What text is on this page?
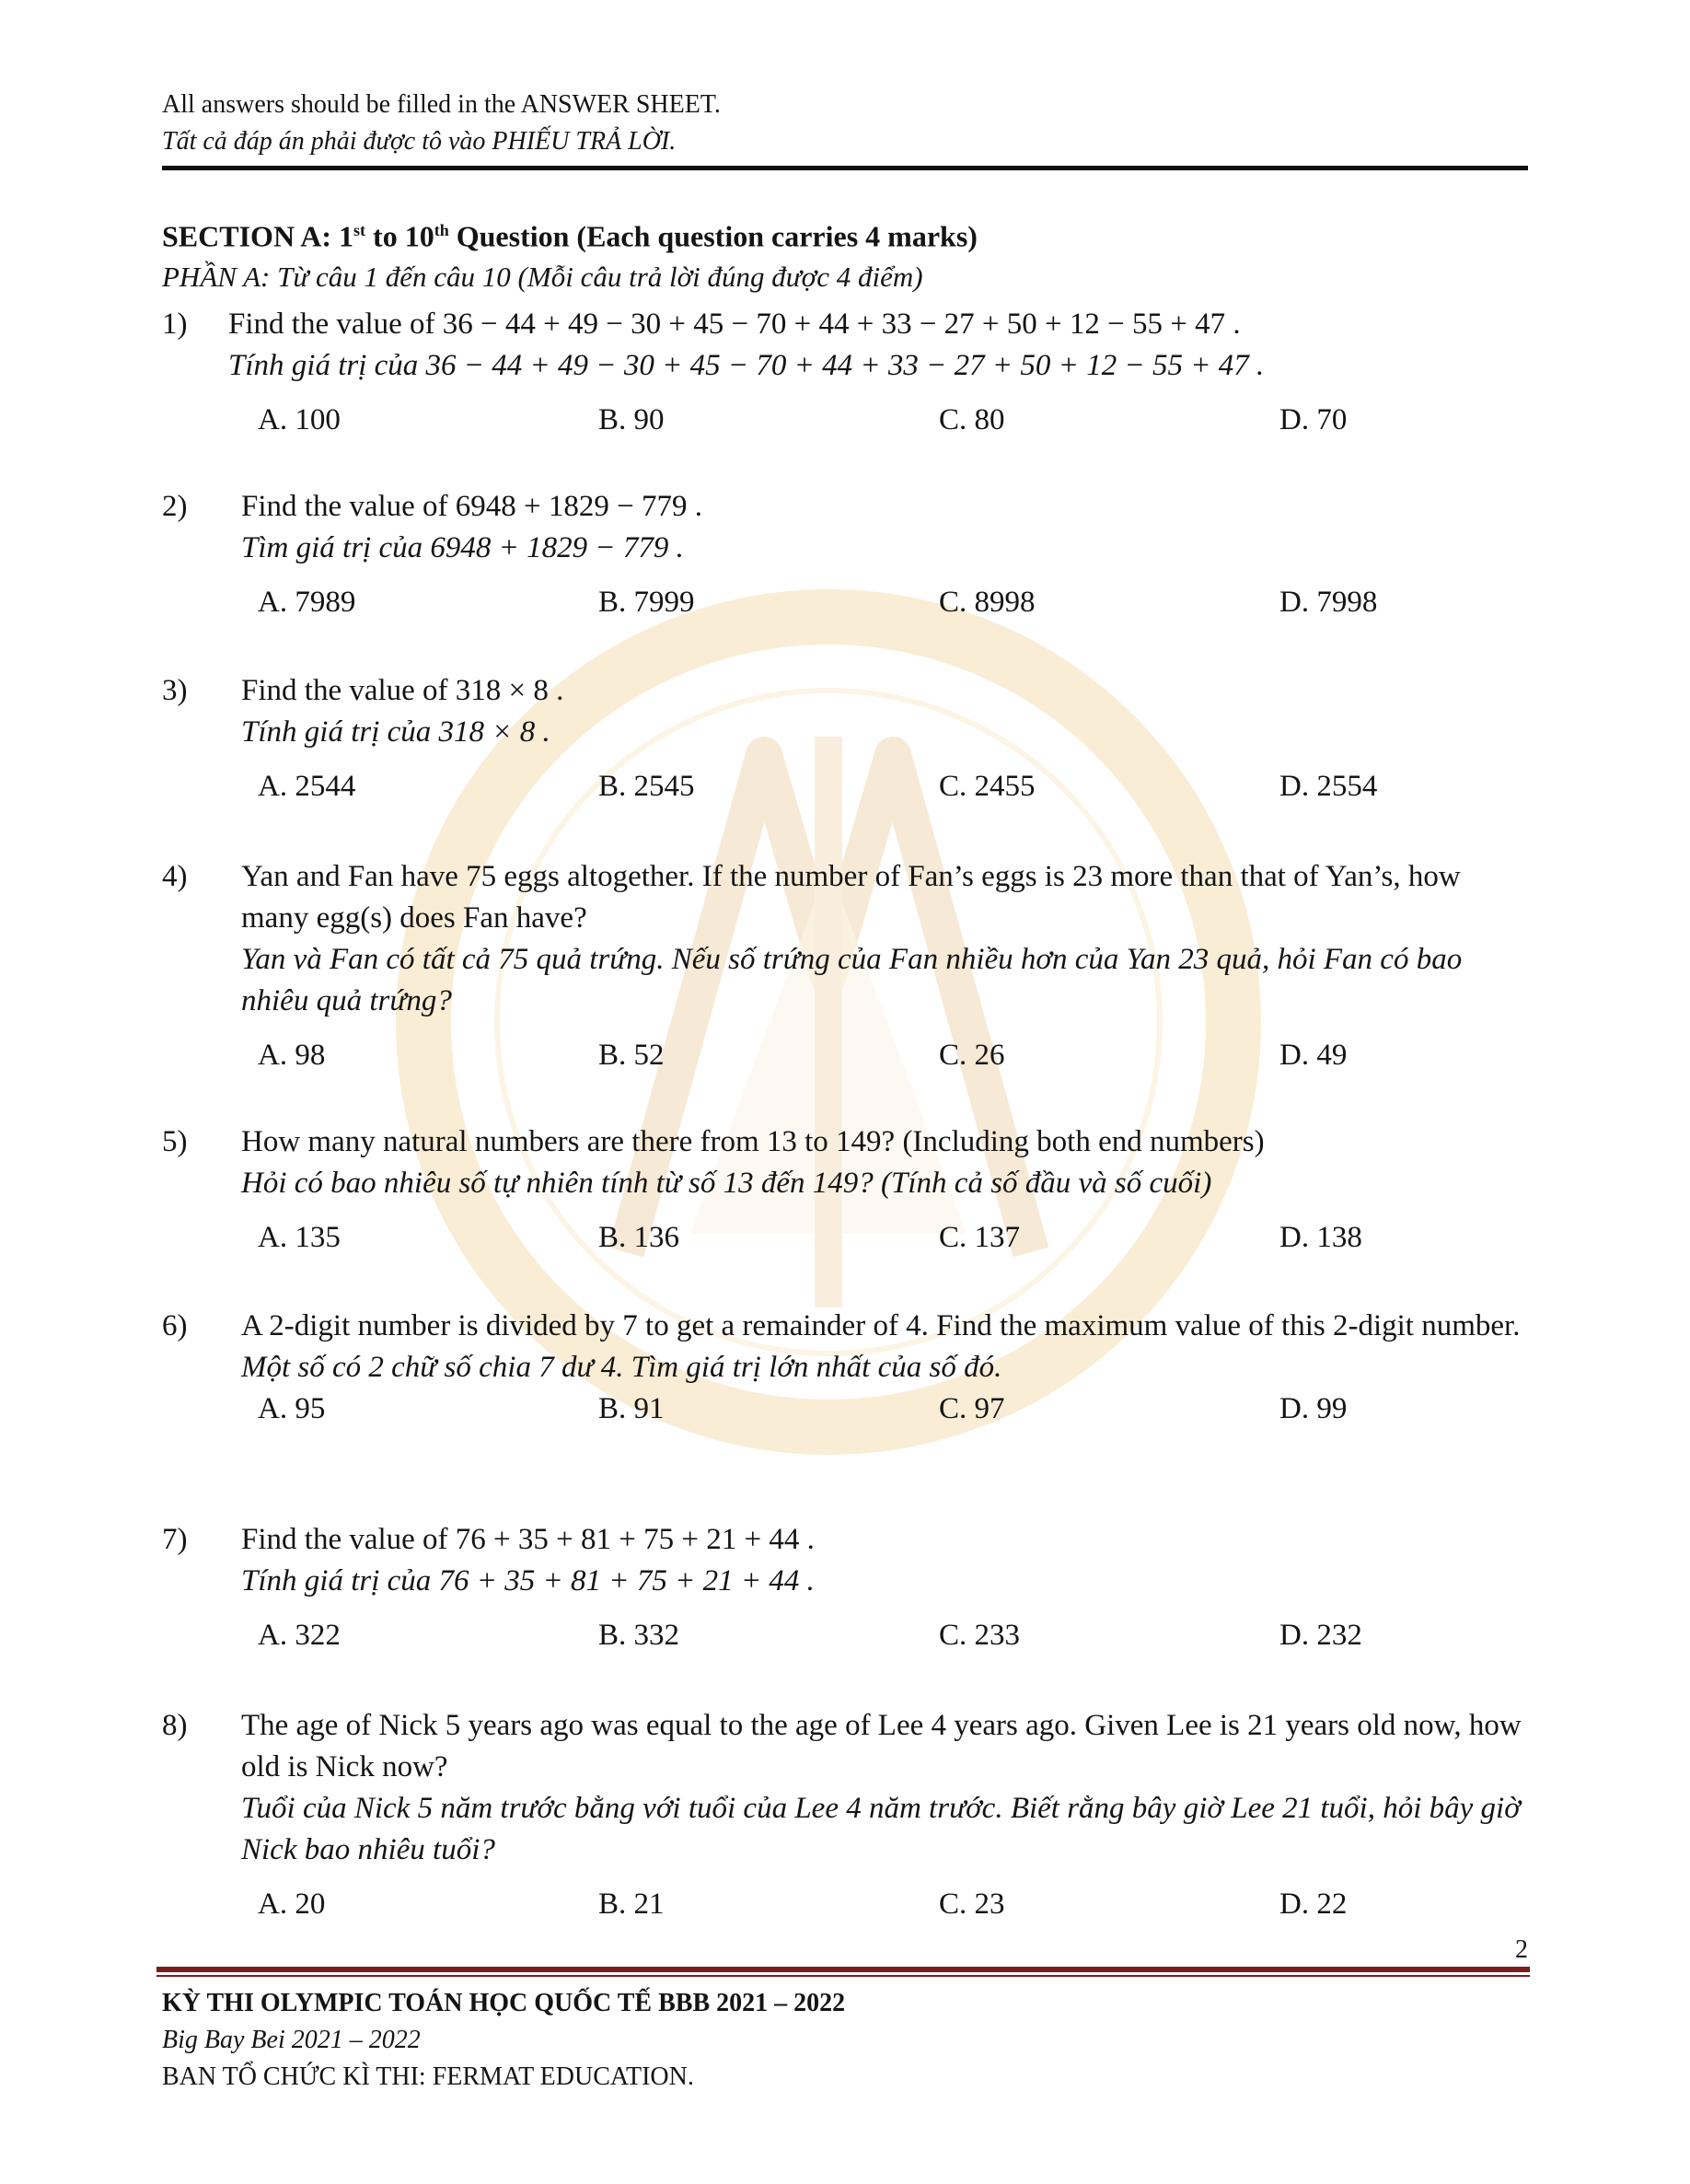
All answers should be filled in the ANSWER SHEET.
Tất cả đáp án phải được tô vào PHIẾU TRẢ LỜI.
SECTION A: 1st to 10th Question (Each question carries 4 marks)
PHẦN A: Từ câu 1 đến câu 10 (Mỗi câu trả lời đúng được 4 điểm)
1) Find the value of 36 − 44 + 49 − 30 + 45 − 70 + 44 + 33 − 27 + 50 + 12 − 55 + 47 .
Tính giá trị của 36 − 44 + 49 − 30 + 45 − 70 + 44 + 33 − 27 + 50 + 12 − 55 + 47 .
A. 100	B. 90	C. 80	D. 70
2) Find the value of 6948 + 1829 − 779 .
Tìm giá trị của 6948 + 1829 − 779 .
A. 7989	B. 7999	C. 8998	D. 7998
3) Find the value of 318 × 8 .
Tính giá trị của 318 × 8 .
A. 2544	B. 2545	C. 2455	D. 2554
4) Yan and Fan have 75 eggs altogether. If the number of Fan’s eggs is 23 more than that of Yan’s, how many egg(s) does Fan have?
Yan và Fan có tất cả 75 quả trứng. Nếu số trứng của Fan nhiều hơn của Yan 23 quả, hỏi Fan có bao nhiêu quả trứng?
A. 98	B. 52	C. 26	D. 49
5) How many natural numbers are there from 13 to 149? (Including both end numbers)
Hỏi có bao nhiêu số tự nhiên tính từ số 13 đến 149? (Tính cả số đầu và số cuối)
A. 135	B. 136	C. 137	D. 138
6) A 2-digit number is divided by 7 to get a remainder of 4. Find the maximum value of this 2-digit number.
Một số có 2 chữ số chia 7 dư 4. Tìm giá trị lớn nhất của số đó.
A. 95	B. 91	C. 97	D. 99
7) Find the value of 76 + 35 + 81 + 75 + 21 + 44 .
Tính giá trị của 76 + 35 + 81 + 75 + 21 + 44 .
A. 322	B. 332	C. 233	D. 232
8) The age of Nick 5 years ago was equal to the age of Lee 4 years ago. Given Lee is 21 years old now, how old is Nick now?
Tuổi của Nick 5 năm trước bằng với tuổi của Lee 4 năm trước. Biết rằng bây giờ Lee 21 tuổi, hỏi bây giờ Nick bao nhiêu tuổi?
A. 20	B. 21	C. 23	D. 22
2
KỲ THI OLYMPIC TOÁN HỌC QUỐC TẾ BBB 2021 – 2022
Big Bay Bei 2021 – 2022
BAN TỔ CHỨC KÌ THI: FERMAT EDUCATION.
